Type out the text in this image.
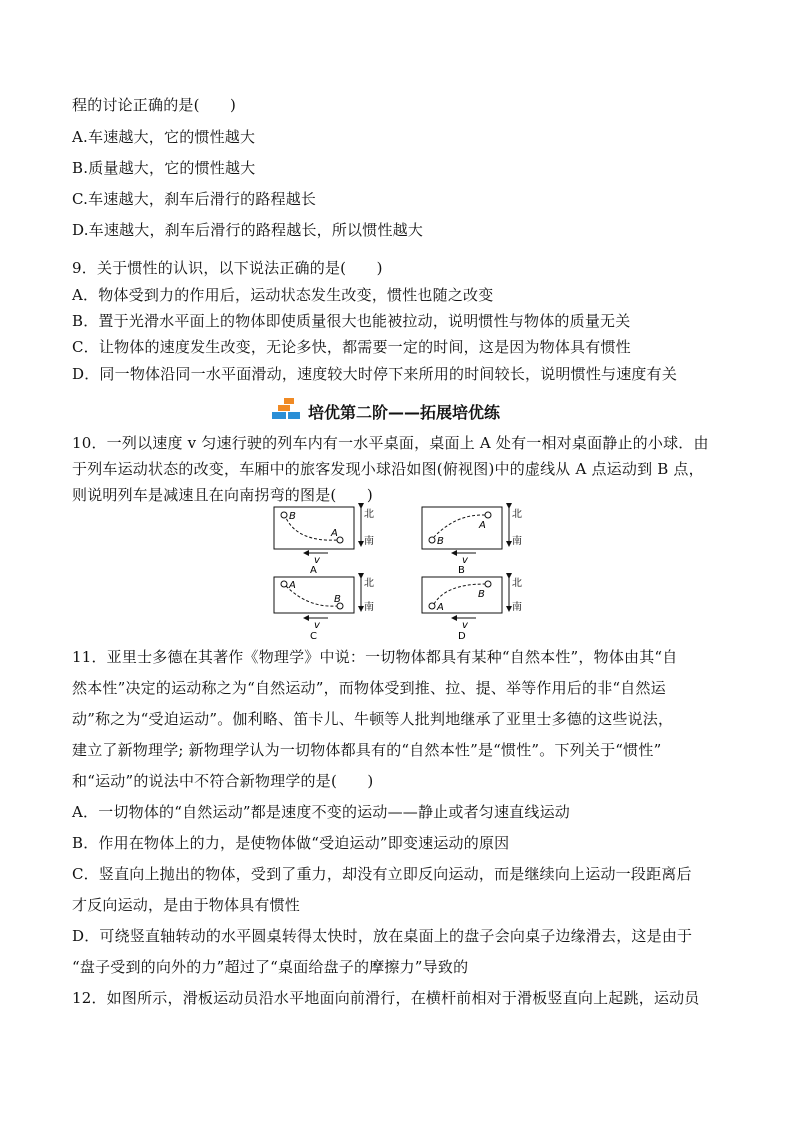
程的讨论正确的是(　　)
A.车速越大，它的惯性越大
B.质量越大，它的惯性越大
C.车速越大，刹车后滑行的路程越长
D.车速越大，刹车后滑行的路程越长，所以惯性越大
9．关于惯性的认识，以下说法正确的是(　　)
A．物体受到力的作用后，运动状态发生改变，惯性也随之改变
B．置于光滑水平面上的物体即使质量很大也能被拉动，说明惯性与物体的质量无关
C．让物体的速度发生改变，无论多快，都需要一定的时间，这是因为物体具有惯性
D．同一物体沿同一水平面滑动，速度较大时停下来所用的时间较长，说明惯性与速度有关
培优第二阶——拓展培优练
10．一列以速度 v 匀速行驶的列车内有一水平桌面，桌面上 A 处有一相对桌面静止的小球．由
于列车运动状态的改变，车厢中的旅客发现小球沿如图(俯视图)中的虚线从 A 点运动到 B 点，
则说明列车是减速且在向南拐弯的图是(　　)
B
A
北
南
v
A
A
B
北
南
v
B
A
B
北
南
v
C
B
A
北
南
v
D
11．亚里士多德在其著作《物理学》中说：一切物体都具有某种“自然本性”，物体由其“自
然本性”决定的运动称之为“自然运动”，而物体受到推、拉、提、举等作用后的非“自然运
动”称之为“受迫运动”。伽利略、笛卡儿、牛顿等人批判地继承了亚里士多德的这些说法，
建立了新物理学; 新物理学认为一切物体都具有的“自然本性”是“惯性”。下列关于“惯性”
和“运动”的说法中不符合新物理学的是(　　)
A．一切物体的“自然运动”都是速度不变的运动——静止或者匀速直线运动
B．作用在物体上的力，是使物体做“受迫运动”即变速运动的原因
C．竖直向上抛出的物体，受到了重力，却没有立即反向运动，而是继续向上运动一段距离后
才反向运动，是由于物体具有惯性
D．可绕竖直轴转动的水平圆桌转得太快时，放在桌面上的盘子会向桌子边缘滑去，这是由于
“盘子受到的向外的力”超过了“桌面给盘子的摩擦力”导致的
12．如图所示，滑板运动员沿水平地面向前滑行，在横杆前相对于滑板竖直向上起跳，运动员
